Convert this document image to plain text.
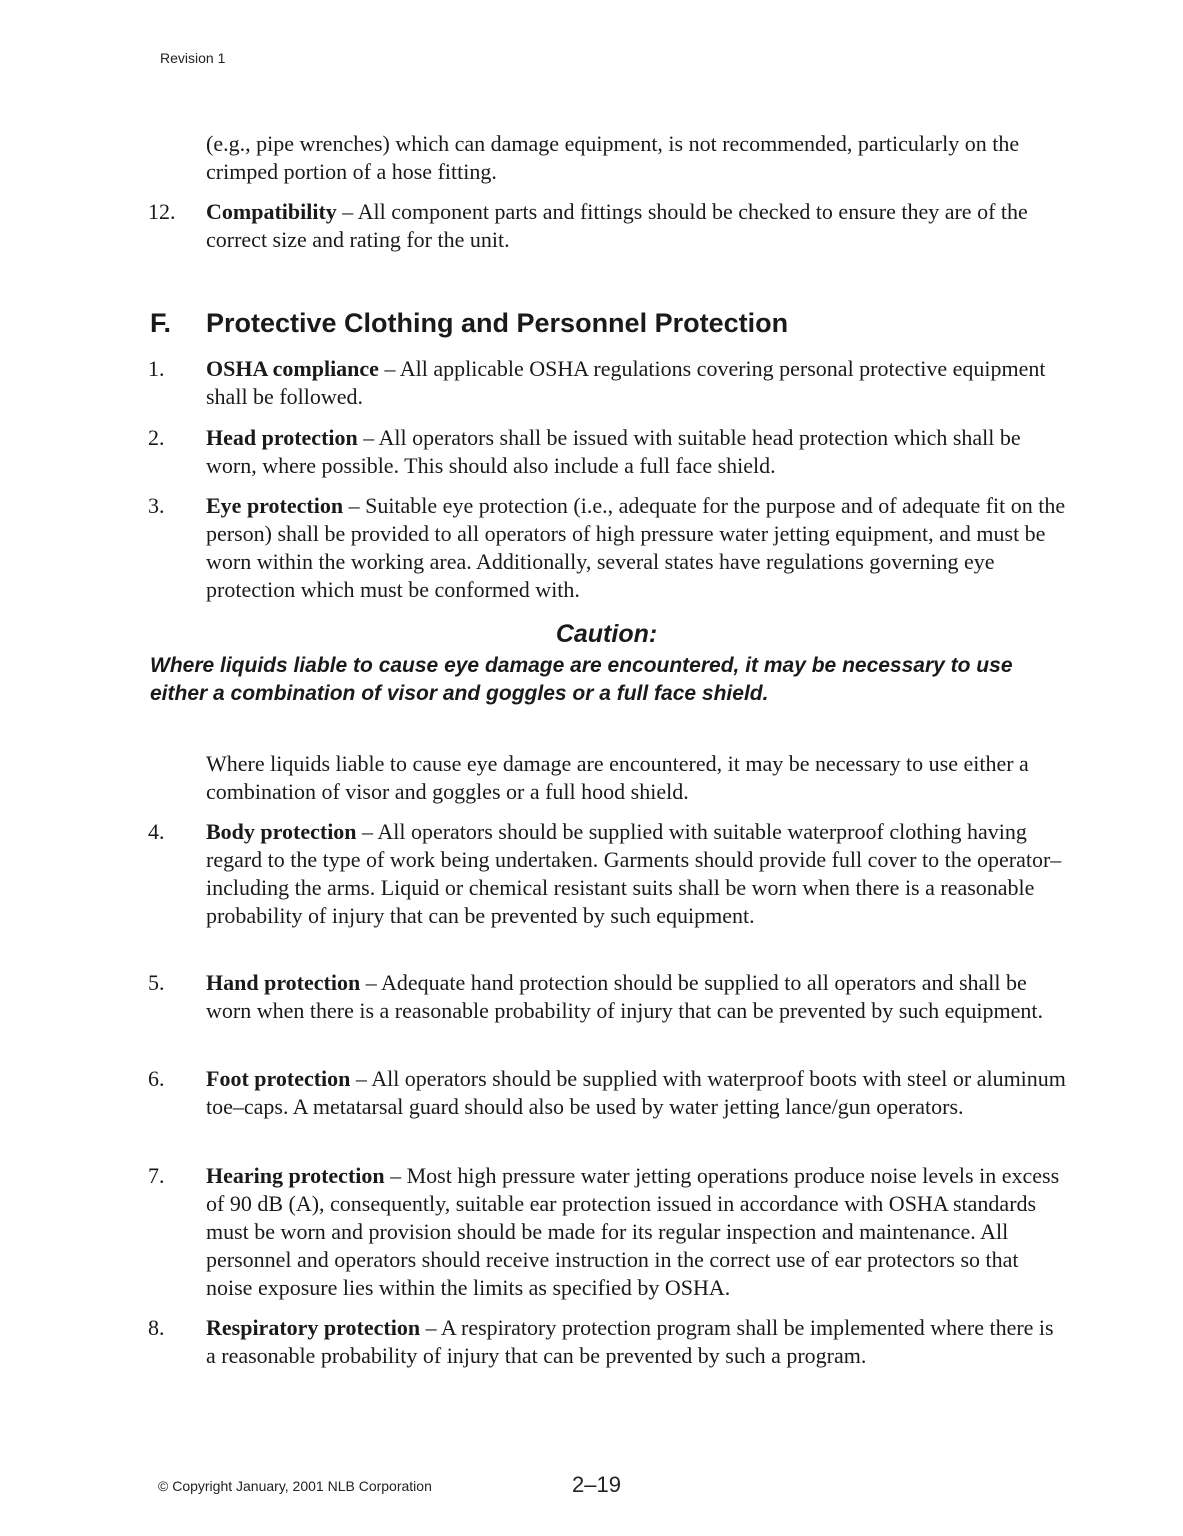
Revision 1
(e.g., pipe wrenches) which can damage equipment, is not recommended, particularly on the crimped portion of a hose fitting.
12.	Compatibility – All component parts and fittings should be checked to ensure they are of the correct size and rating for the unit.
F. Protective Clothing and Personnel Protection
1.	OSHA compliance – All applicable OSHA regulations covering personal protective equipment shall be followed.
2.	Head protection – All operators shall be issued with suitable head protection which shall be worn, where possible. This should also include a full face shield.
3.	Eye protection – Suitable eye protection (i.e., adequate for the purpose and of adequate fit on the person) shall be provided to all operators of high pressure water jetting equipment, and must be worn within the working area. Additionally, several states have regulations governing eye protection which must be conformed with.
Caution:
Where liquids liable to cause eye damage are encountered, it may be necessary to use either a combination of visor and goggles or a full face shield.
Where liquids liable to cause eye damage are encountered, it may be necessary to use either a combination of visor and goggles or a full hood shield.
4.	Body protection – All operators should be supplied with suitable waterproof clothing having regard to the type of work being undertaken. Garments should provide full cover to the operator–including the arms. Liquid or chemical resistant suits shall be worn when there is a reasonable probability of injury that can be prevented by such equipment.
5.	Hand protection – Adequate hand protection should be supplied to all operators and shall be worn when there is a reasonable probability of injury that can be prevented by such equipment.
6.	Foot protection – All operators should be supplied with waterproof boots with steel or aluminum toe–caps. A metatarsal guard should also be used by water jetting lance/gun operators.
7.	Hearing protection – Most high pressure water jetting operations produce noise levels in excess of 90 dB (A), consequently, suitable ear protection issued in accordance with OSHA standards must be worn and provision should be made for its regular inspection and maintenance. All personnel and operators should receive instruction in the correct use of ear protectors so that noise exposure lies within the limits as specified by OSHA.
8.	Respiratory protection – A respiratory protection program shall be implemented where there is a reasonable probability of injury that can be prevented by such a program.
© Copyright January, 2001 NLB Corporation	2–19
